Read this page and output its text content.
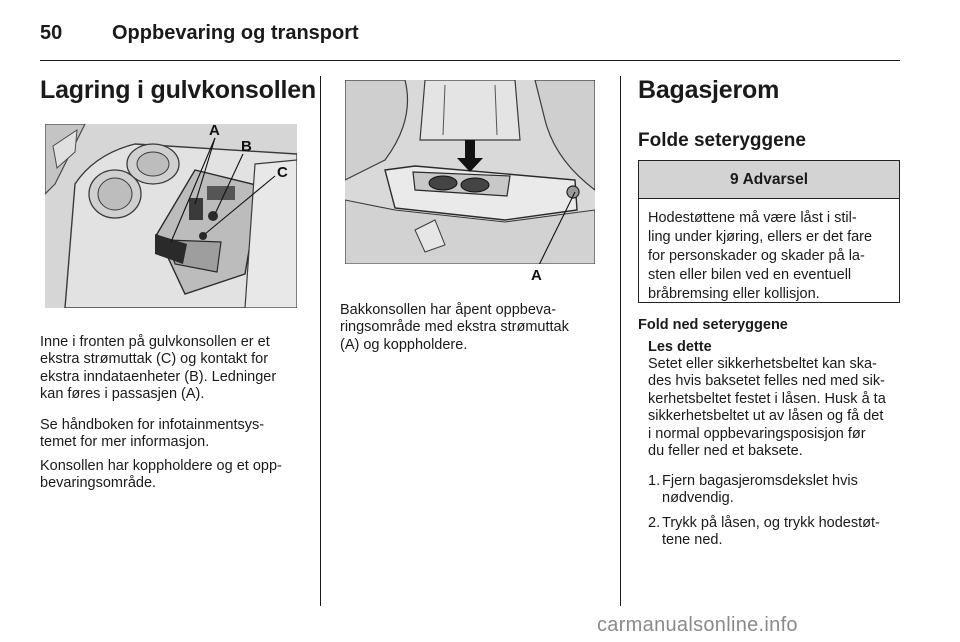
50 Oppbevaring og transport
Lagring i gulvkonsollen
A
B
C
Inne i fronten på gulvkonsollen er et
ekstra strømuttak (C) og kontakt for
ekstra inndataenheter (B). Ledninger
kan føres i passasjen (A).
Se håndboken for infotainmentsys-
temet for mer informasjon.
Konsollen har koppholdere og et opp-
bevaringsområde.
A
Bakkonsollen har åpent oppbeva-
ringsområde med ekstra strømuttak
(A) og koppholdere.
Bagasjerom
Folde seteryggene
9 Advarsel
Hodestøttene må være låst i stil-
ling under kjøring, ellers er det fare
for personskader og skader på la-
sten eller bilen ved en eventuell
bråbremsing eller kollisjon.
Fold ned seteryggene
Les dette
Setet eller sikkerhetsbeltet kan ska-
des hvis baksetet felles ned med sik-
kerhetsbeltet festet i låsen. Husk å ta
sikkerhetsbeltet ut av låsen og få det
i normal oppbevaringsposisjon før
du feller ned et baksete.
1. Fjern bagasjeromsdekslet hvis
nødvendig.
2. Trykk på låsen, og trykk hodestøt-
tene ned.
carmanualsonline.info
